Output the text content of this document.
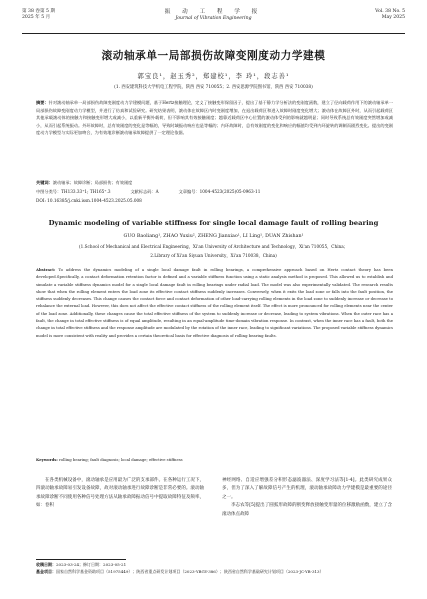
第 38 卷第 5 期
2025 年 5 月
振 动 工 程 学 报
Journal of Vibration Engineering
Vol. 38 No. 5
May 2025
滚动轴承单一局部损伤故障变刚度动力学建模
郭宝良¹，赵玉秀²，郑建校¹，李 玲¹，段志善¹
(1. 西安建筑科技大学机电工程学院，陕西 西安 710055；2. 西安思源学院图书馆，陕西 西安 710038)
摘要：针对滚动轴承单一局部损伤故障变刚度动力学建模问题，基于Hertz接触理论，定义了接触变形保留因子，提出了基于静力学分析法的变刚度函数，建立了径向载荷作用下的滚动轴承单一局部损伤故障变刚度动力学模型，并进行了仿真和试验研究。研究结果表明，滚动体在故障区内时变刚度增加，在退出载荷区和进入故障时刚度变化增大；滚动体在故障区外时，从而引起载荷区其他承载滚动体的接触力和接触变形增大或减小，以重新平衡外载荷，但不影响其有效接触刚度；越靠近载荷区中心位置的滚动体受到的影响就越明显；同时导致系统总有效刚度突然增加或减小，从而引起系统振动。外环故障时，总有效刚度的变化是等幅的，导致时域振动响应也是等幅的；内环故障时，总有效刚度的变化和响应的幅值均受到内环旋转的调制而剧烈变化。提出的变刚度动力学模型与实际更加吻合，为有效地诊断滚动轴承故障提供了一定理论依据。
关键词：滚动轴承；故障诊断；局部损伤；有效刚度
中图分类号：TH133.33⁺1; TH165⁺.3	文献标志码：A	文章编号：1004-4523(2025)05-0963-11
DOI: 10.16385/j.cnki.issn.1004-4523.2025.05.008
Dynamic modeling of variable stiffness for single local damage fault of rolling bearing
GUO Baoliang¹, ZHAO Yuxiu², ZHENG Jianxiao¹, LI Ling¹, DUAN Zhishan¹
(1.School of Mechanical and Electrical Engineering，Xi'an University of Architecture and Technology，Xi'an 710055，China；
2.Library of Xi'an Siyuan University，Xi'an 710038，China)
Abstract: To address the dynamics modeling of a single local damage fault in rolling bearings, a comprehensive approach based on Hertz contact theory has been developed.Specifically, a contact deformation retention factor is defined and a variable stiffness function using a static analysis method is proposed. This allowed us to establish and simulate a variable stiffness dynamics model for a single local damage fault in rolling bearings under radial load. The model was also experimentally validated. The research results show that when the rolling element enters the load zone its effective contact stiffness suddenly increases. Conversely, when it exits the load zone or falls into the fault position, the stiffness suddenly decreases. This change causes the contact force and contact deformation of other load-carrying rolling elements in the load zone to suddenly increase or decrease to rebalance the external load. However, this does not affect the effective contact stiffness of the rolling element itself. The effect is more pronounced for rolling elements near the center of the load zone. Additionally, these changes cause the total effective stiffness of the system to suddenly increase or decrease, leading to system vibrations. When the outer race has a fault, the change in total effective stiffness is of equal amplitude, resulting in an equal-amplitude time-domain vibration response. In contrast, when the inner race has a fault, both the change in total effective stiffness and the response amplitude are modulated by the rotation of the inner race, leading to significant variations. The proposed variable stiffness dynamics model is more consistent with reality and provides a certain theoretical basis for effective diagnosis of rolling bearing faults.
Keywords: rolling bearing; fault diagnosis; local damage; effective stiffness
在各类机械设备中，滚动轴承是应用最为广泛的支承部件。在各种运行工况下，四滚动轴承故障易引发设备故障，故对滚动轴承进行故障诊断是非常必要的。滚动轴承故障诊断不同使用各种信号处理方法从轴承故障振动信号中提取故障特征及频率，如：卷积

神经网络、自适应增强差分积形态滤波器法、深度学习法等[1-4]。此类研究成果众多，但为了深入了解故障信号产生的机理，滚动轴承故障动力学建模是最重要的途径之一。

李志农等[5]提出了圆弧形故障的断变释放接触变形量的位移激励函数，建立了含滚动体点故障

收稿日期：2023-03-24；修订日期：2023-05-21
基金项目：国家自然科学基金资助项目（51975449）；陕西省重点研发计划项目（2023-YBGY-386）；陕西省自然科学基础研究计划项目（2023-JC-YB-313）
